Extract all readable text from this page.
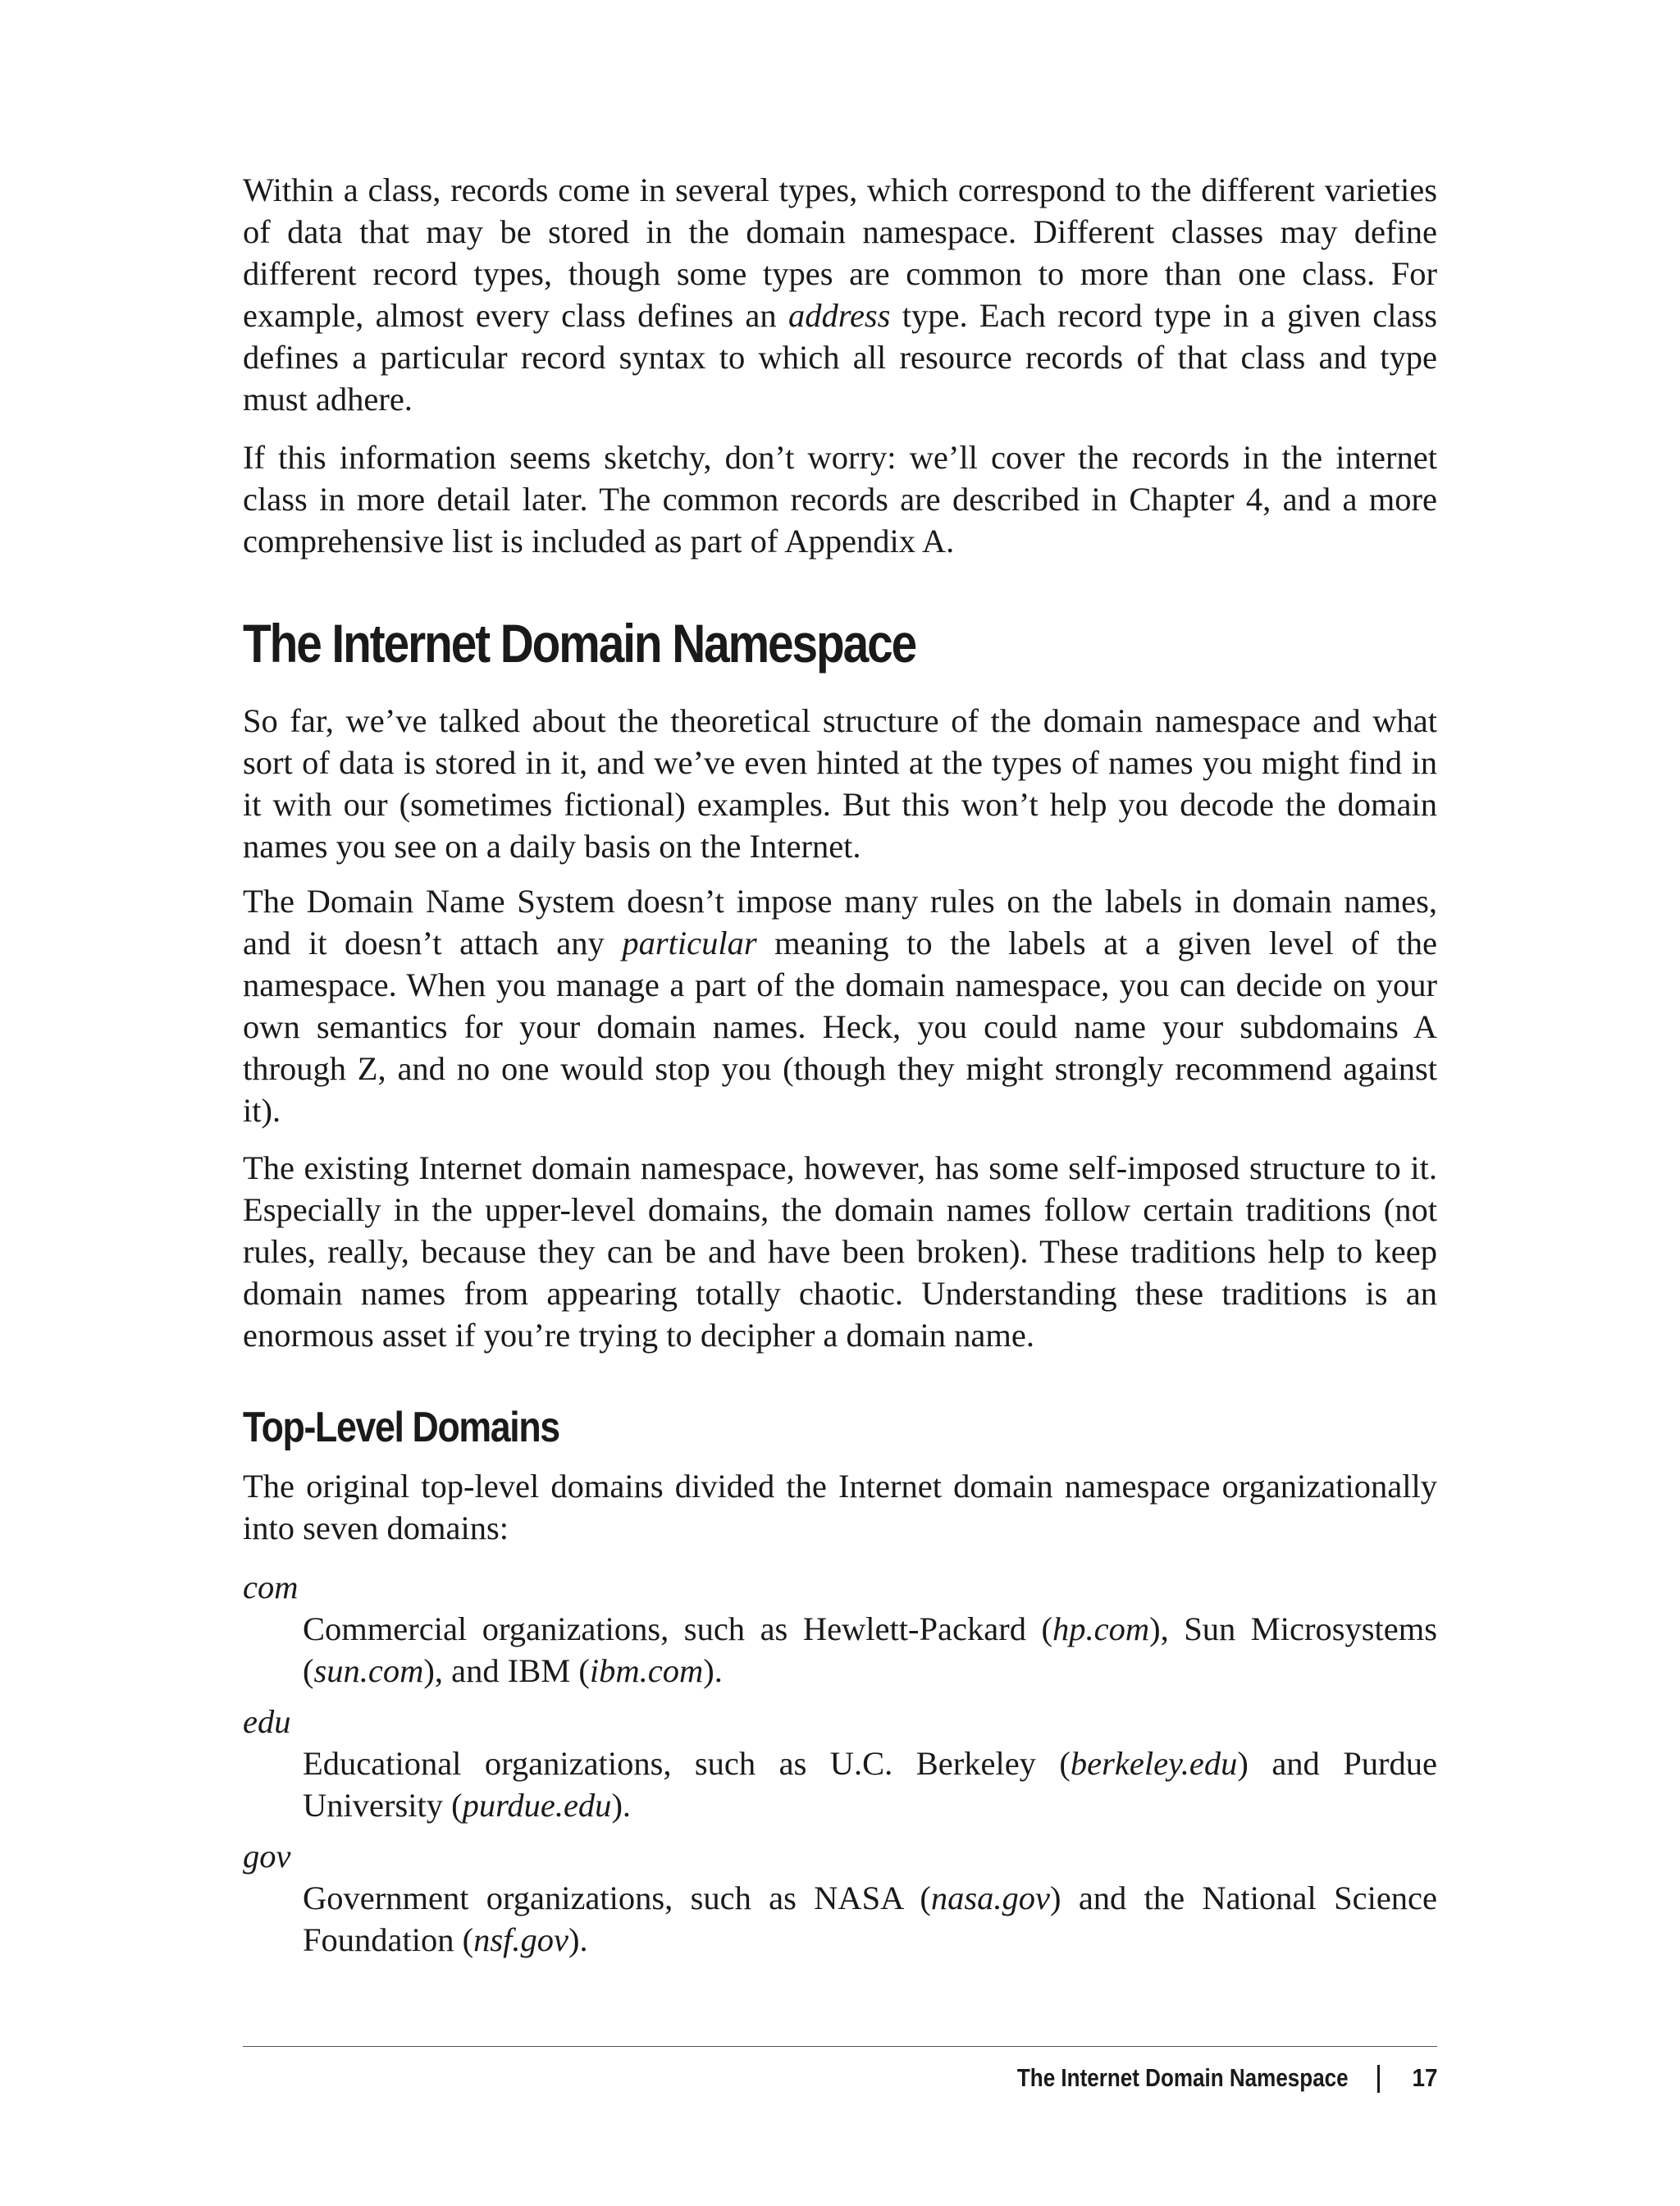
Within a class, records come in several types, which correspond to the different varieties of data that may be stored in the domain namespace. Different classes may define different record types, though some types are common to more than one class. For example, almost every class defines an address type. Each record type in a given class defines a particular record syntax to which all resource records of that class and type must adhere.

If this information seems sketchy, don’t worry: we’ll cover the records in the internet class in more detail later. The common records are described in Chapter 4, and a more comprehensive list is included as part of Appendix A.

The Internet Domain Namespace

So far, we’ve talked about the theoretical structure of the domain namespace and what sort of data is stored in it, and we’ve even hinted at the types of names you might find in it with our (sometimes fictional) examples. But this won’t help you decode the domain names you see on a daily basis on the Internet.

The Domain Name System doesn’t impose many rules on the labels in domain names, and it doesn’t attach any particular meaning to the labels at a given level of the namespace. When you manage a part of the domain namespace, you can decide on your own semantics for your domain names. Heck, you could name your subdomains A through Z, and no one would stop you (though they might strongly recommend against it).

The existing Internet domain namespace, however, has some self-imposed structure to it. Especially in the upper-level domains, the domain names follow certain traditions (not rules, really, because they can be and have been broken). These traditions help to keep domain names from appearing totally chaotic. Understanding these traditions is an enormous asset if you’re trying to decipher a domain name.

Top-Level Domains

The original top-level domains divided the Internet domain namespace organizationally into seven domains:

com

Commercial organizations, such as Hewlett-Packard (hp.com), Sun Microsystems (sun.com), and IBM (ibm.com).

edu

Educational organizations, such as U.C. Berkeley (berkeley.edu) and Purdue University (purdue.edu).

gov

Government organizations, such as NASA (nasa.gov) and the National Science Foundation (nsf.gov).

The Internet Domain Namespace 17
